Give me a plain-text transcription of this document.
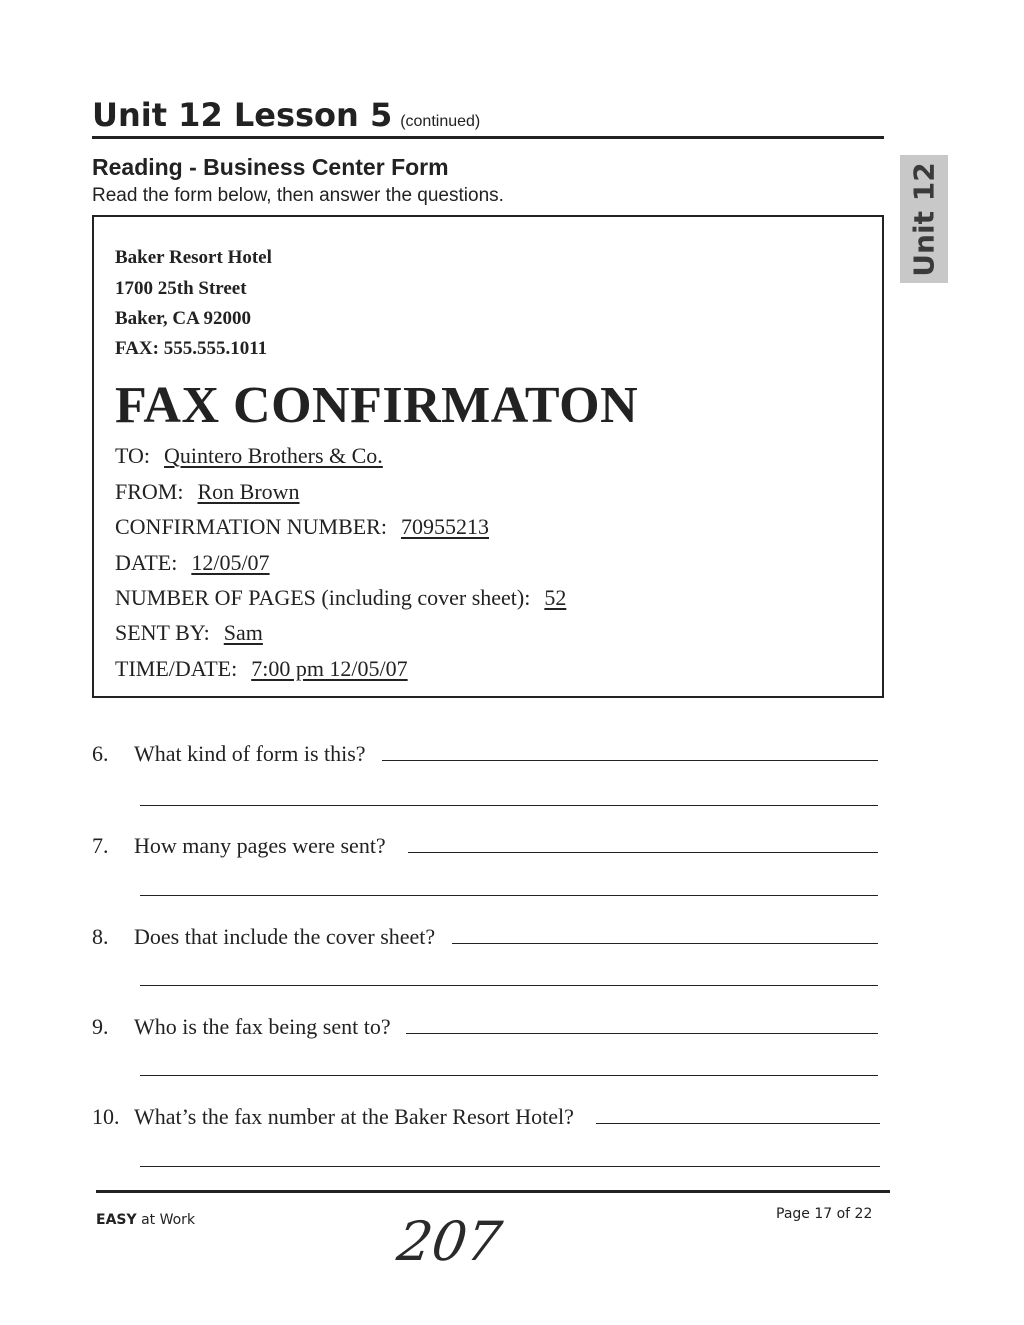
Unit 12 Lesson 5 (continued)
Reading - Business Center Form
Read the form below, then answer the questions.	Unit 12
Baker Resort Hotel
1700 25th Street
Baker, CA 92000
FAX: 555.555.1011
FAX CONFIRMATON
TO: Quintero Brothers & Co.
FROM: Ron Brown
CONFIRMATION NUMBER: 70955213
DATE: 12/05/07
NUMBER OF PAGES (including cover sheet): 52
SENT BY: Sam
TIME/DATE: 7:00 pm 12/05/07
6. What kind of form is this?
7. How many pages were sent?
8. Does that include the cover sheet?
9. Who is the fax being sent to?
10. What’s the fax number at the Baker Resort Hotel?
EASY at Work	207	Page 17 of 22
